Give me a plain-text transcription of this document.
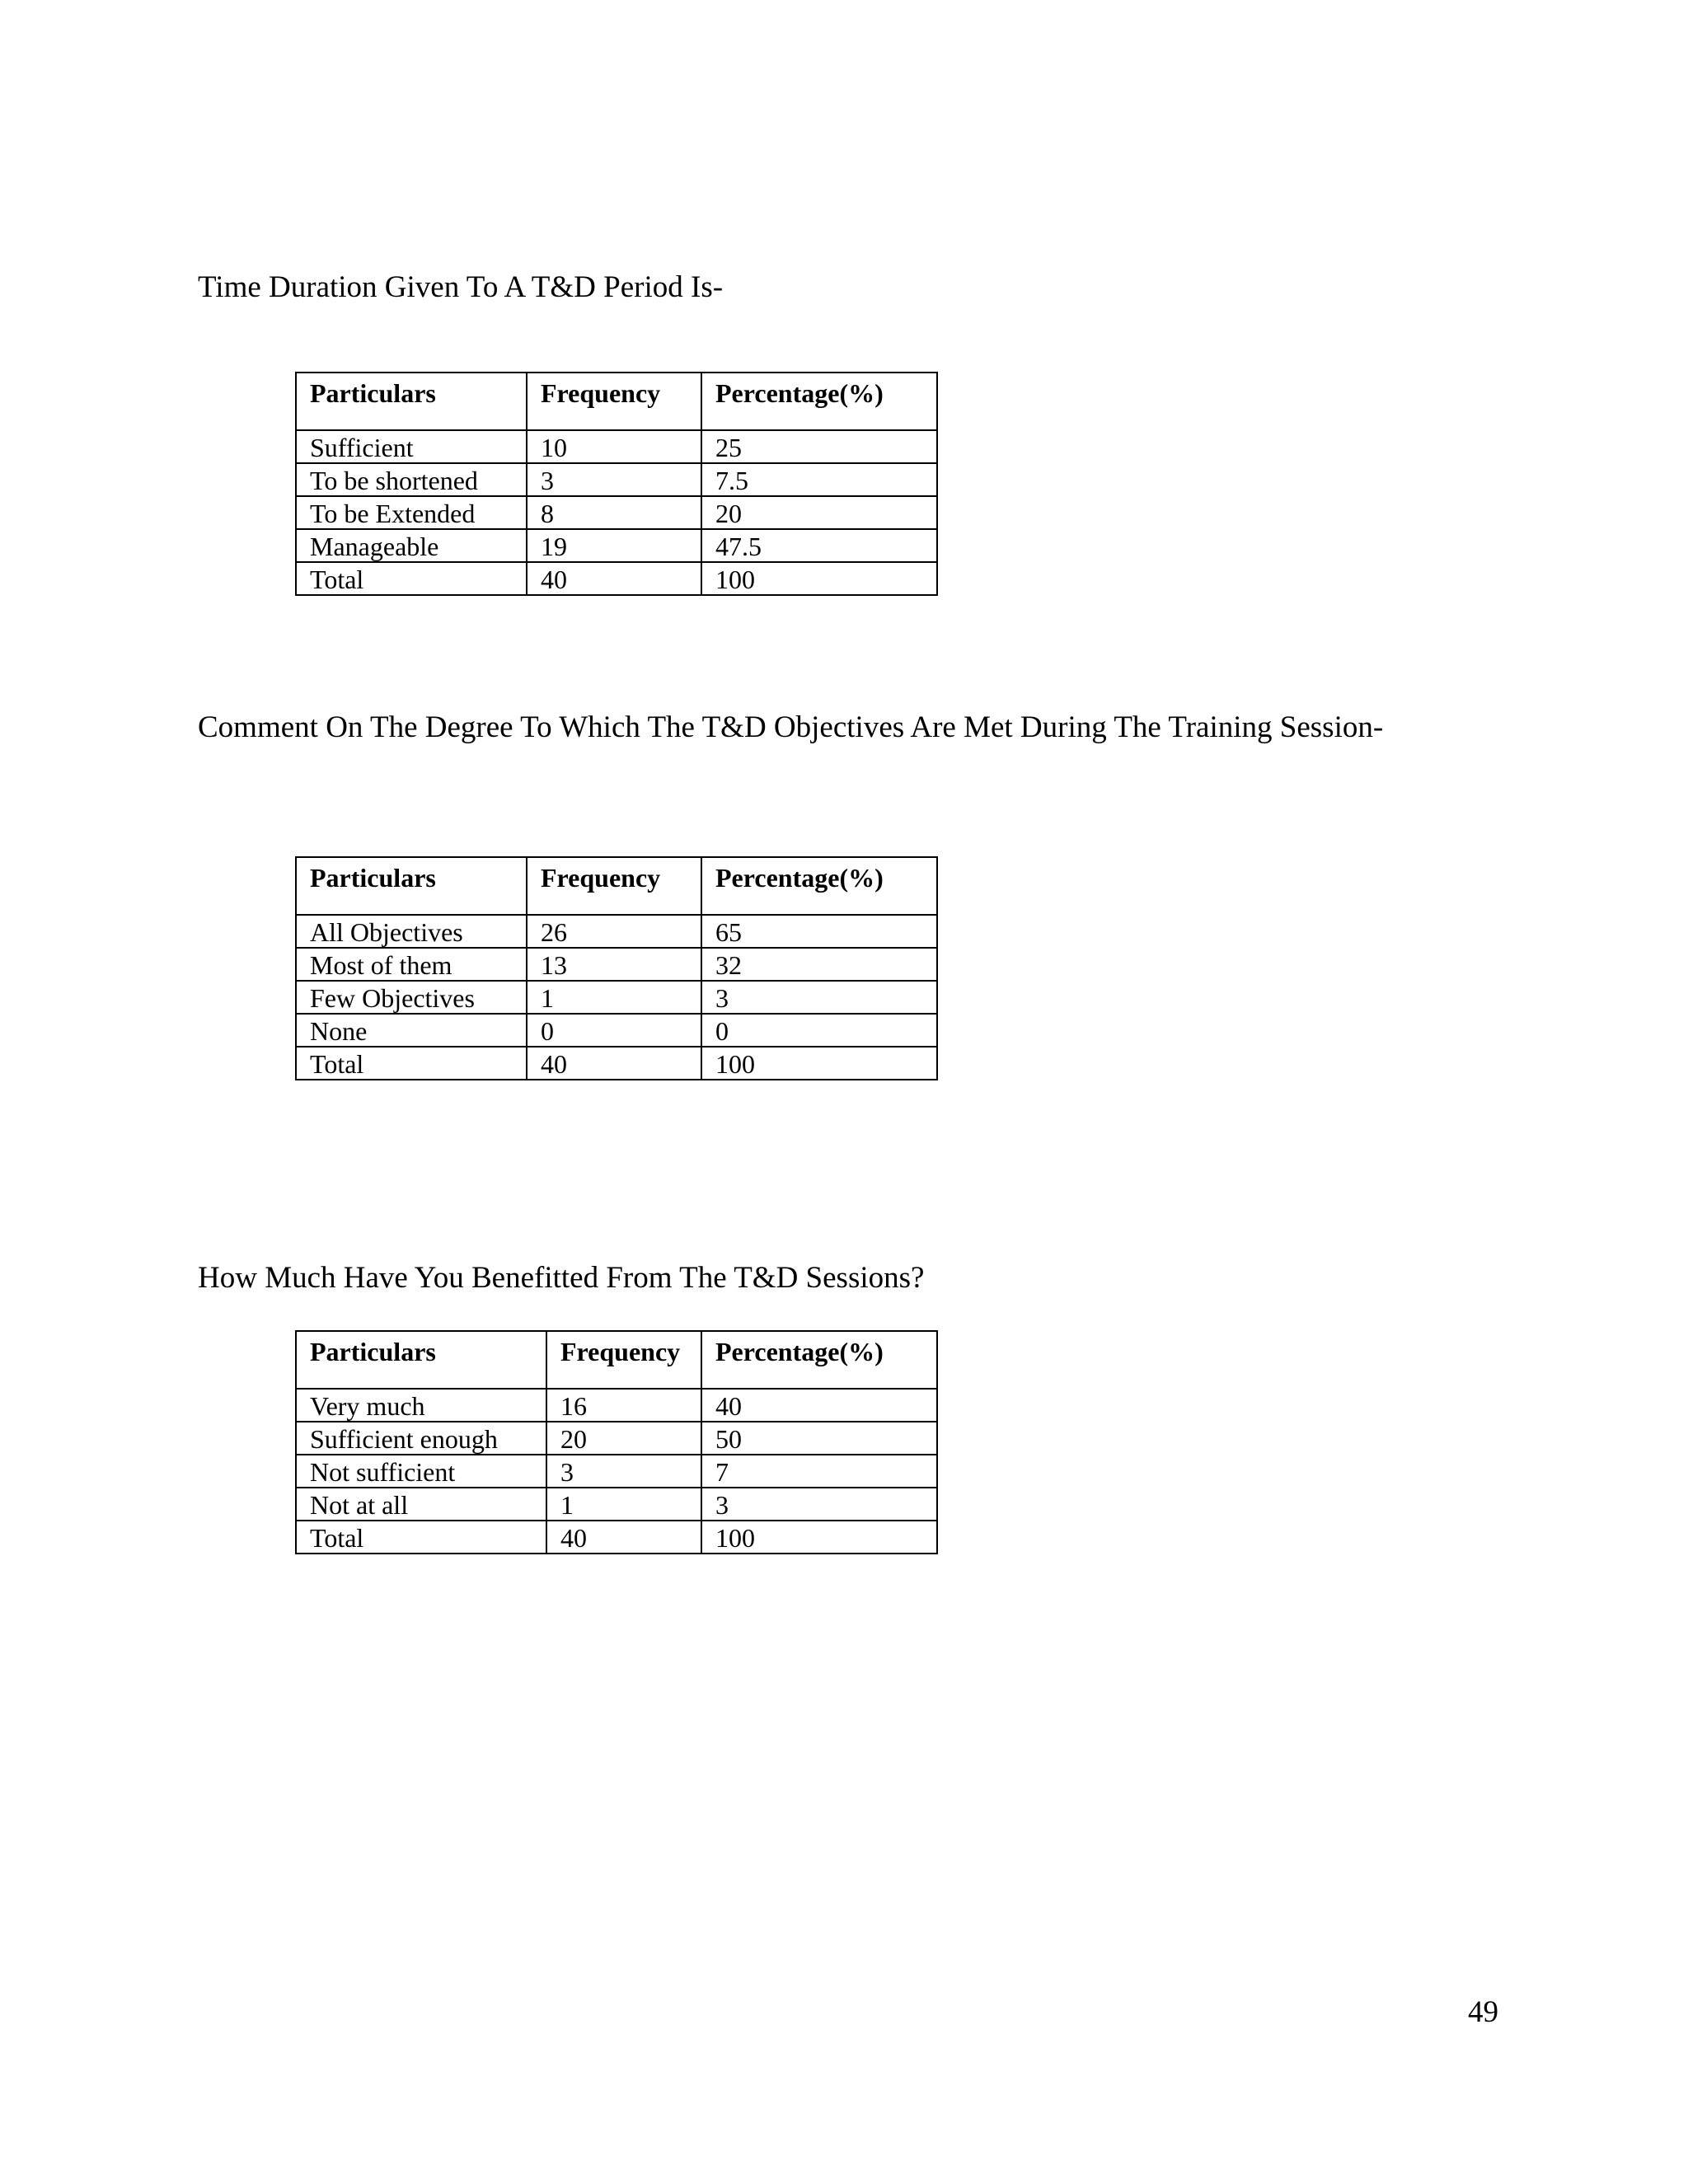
Time Duration Given To A T&D Period Is-

Particulars	Frequency	Percentage(%)
Sufficient	10	25
To be shortened	3	7.5
To be Extended	8	20
Manageable	19	47.5
Total	40	100

Comment On The Degree To Which The T&D Objectives Are Met During The Training Session-

Particulars	Frequency	Percentage(%)
All Objectives	26	65
Most of them	13	32
Few Objectives	1	3
None	0	0
Total	40	100

How Much Have You Benefitted From The T&D Sessions?

Particulars	Frequency	Percentage(%)
Very much	16	40
Sufficient enough	20	50
Not sufficient	3	7
Not at all	1	3
Total	40	100
49
